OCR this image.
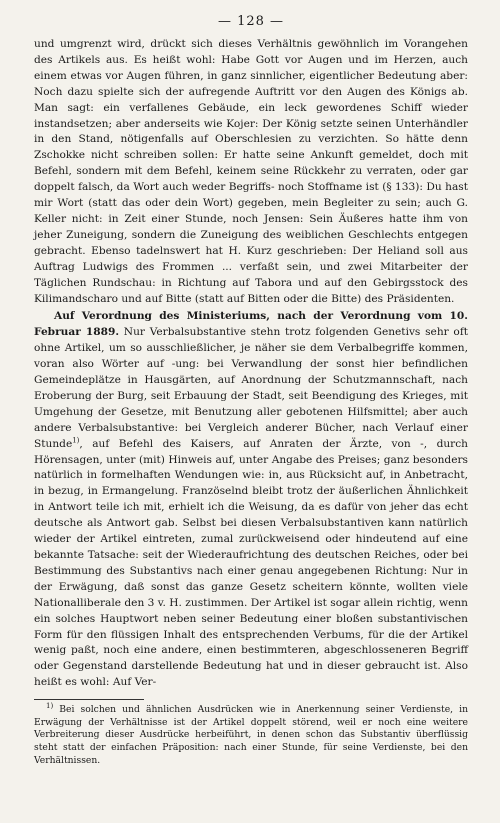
— 128 —

und umgrenzt wird, drückt sich dieses Verhältnis gewöhnlich im Vorangehen des Artikels aus. Es heißt wohl: Habe Gott vor Augen und im Herzen, auch einem etwas vor Augen führen, in ganz sinnlicher, eigentlicher Bedeutung aber: Noch dazu spielte sich der aufregende Auftritt vor den Augen des Königs ab. Man sagt: ein verfallenes Gebäude, ein leck gewordenes Schiff wieder instandsetzen; aber anderseits wie Kojer: Der König setzte seinen Unterhändler in den Stand, nötigenfalls auf Oberschlesien zu verzichten. So hätte denn Zschokke nicht schreiben sollen: Er hatte seine Ankunft gemeldet, doch mit Befehl, sondern mit dem Befehl, keinem seine Rückkehr zu verraten, oder gar doppelt falsch, da Wort auch weder Begriffs- noch Stoffname ist (§ 133): Du hast mir Wort (statt das oder dein Wort) gegeben, mein Begleiter zu sein; auch G. Keller nicht: in Zeit einer Stunde, noch Jensen: Sein Äußeres hatte ihm von jeher Zuneigung, sondern die Zuneigung des weiblichen Geschlechts entgegen gebracht. Ebenso tadelnswert hat H. Kurz geschrieben: Der Heliand soll aus Auftrag Ludwigs des Frommen ... verfaßt sein, und zwei Mitarbeiter der Täglichen Rundschau: in Richtung auf Tabora und auf den Gebirgsstock des Kilimandscharo und auf Bitte (statt auf Bitten oder die Bitte) des Präsidenten.

Auf Verordnung des Ministeriums, nach der Verordnung vom 10. Februar 1889. Nur Verbalsubstantive stehn trotz folgenden Genetivs sehr oft ohne Artikel, um so ausschließlicher, je näher sie dem Verbalbegriffe kommen, voran also Wörter auf -ung: bei Verwandlung der sonst hier befindlichen Gemeindeplätze in Hausgärten, auf Anordnung der Schutzmannschaft, nach Eroberung der Burg, seit Erbauung der Stadt, seit Beendigung des Krieges, mit Umgehung der Gesetze, mit Benutzung aller gebotenen Hilfsmittel; aber auch andere Verbalsubstantive: bei Vergleich anderer Bücher, nach Verlauf einer Stunde$^{1)}$, auf Befehl des Kaisers, auf Anraten der Ärzte, von -, durch Hörensagen, unter (mit) Hinweis auf, unter Angabe des Preises; ganz besonders natürlich in formelhaften Wendungen wie: in, aus Rücksicht auf, in Anbetracht, in bezug, in Ermangelung. Französelnd bleibt trotz der äußerlichen Ähnlichkeit in Antwort teile ich mit, erhielt ich die Weisung, da es dafür von jeher das echt deutsche als Antwort gab. Selbst bei diesen Verbalsubstantiven kann natürlich wieder der Artikel eintreten, zumal zurückweisend oder hindeutend auf eine bekannte Tatsache: seit der Wiederaufrichtung des deutschen Reiches, oder bei Bestimmung des Substantivs nach einer genau angegebenen Richtung: Nur in der Erwägung, daß sonst das ganze Gesetz scheitern könnte, wollten viele Nationalliberale den 3 v. H. zustimmen. Der Artikel ist sogar allein richtig, wenn ein solches Hauptwort neben seiner Bedeutung einer bloßen substantivischen Form für den flüssigen Inhalt des entsprechenden Verbums, für die der Artikel wenig paßt, noch eine andere, einen bestimmteren, abgeschlosseneren Begriff oder Gegenstand darstellende Bedeutung hat und in dieser gebraucht ist. Also heißt es wohl: Auf Ver-

$^{1)}$ Bei solchen und ähnlichen Ausdrücken wie in Anerkennung seiner Verdienste, in Erwägung der Verhältnisse ist der Artikel doppelt störend, weil er noch eine weitere Verbreiterung dieser Ausdrücke herbeiführt, in denen schon das Substantiv überflüssig steht statt der einfachen Präposition: nach einer Stunde, für seine Verdienste, bei den Verhältnissen.
